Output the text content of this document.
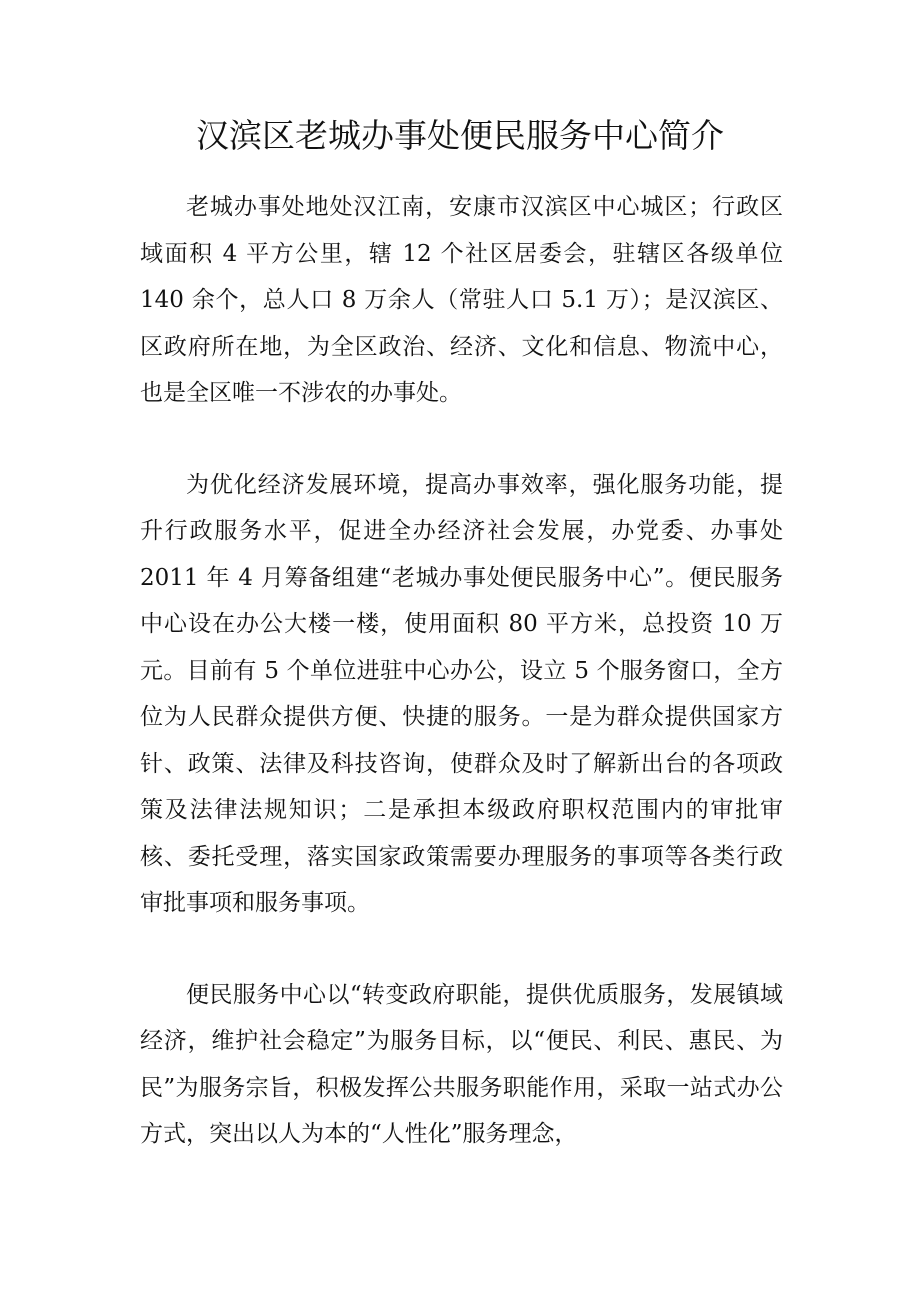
汉滨区老城办事处便民服务中心简介

老城办事处地处汉江南，安康市汉滨区中心城区；行政区域面积 4 平方公里，辖 12 个社区居委会，驻辖区各级单位 140 余个，总人口 8 万余人（常驻人口 5.1 万）；是汉滨区、区政府所在地，为全区政治、经济、文化和信息、物流中心，也是全区唯一不涉农的办事处。

为优化经济发展环境，提高办事效率，强化服务功能，提升行政服务水平，促进全办经济社会发展，办党委、办事处 2011 年 4 月筹备组建“老城办事处便民服务中心”。便民服务中心设在办公大楼一楼，使用面积 80 平方米，总投资 10 万元。目前有 5 个单位进驻中心办公，设立 5 个服务窗口，全方位为人民群众提供方便、快捷的服务。一是为群众提供国家方针、政策、法律及科技咨询，使群众及时了解新出台的各项政策及法律法规知识；二是承担本级政府职权范围内的审批审核、委托受理，落实国家政策需要办理服务的事项等各类行政审批事项和服务事项。

便民服务中心以“转变政府职能，提供优质服务，发展镇域经济，维护社会稳定”为服务目标，以“便民、利民、惠民、为民”为服务宗旨，积极发挥公共服务职能作用，采取一站式办公方式，突出以人为本的“人性化”服务理念，
